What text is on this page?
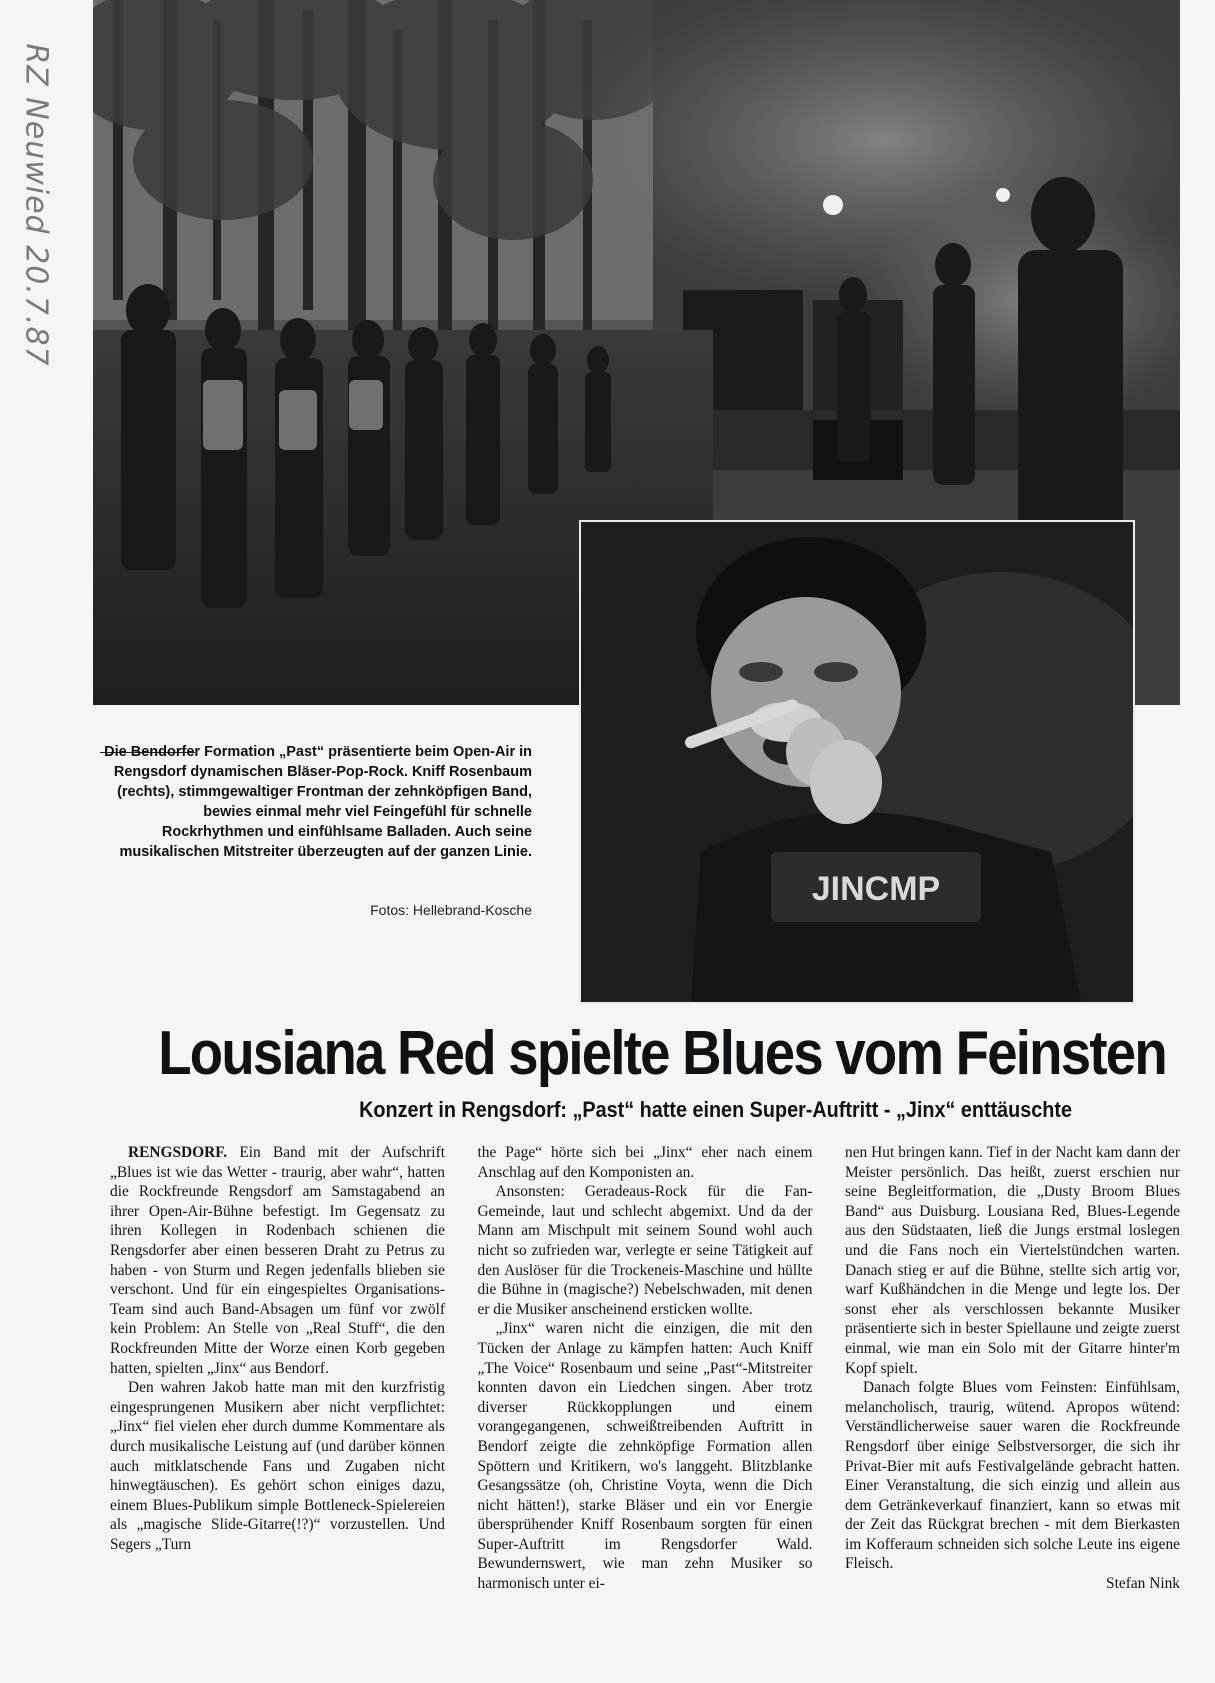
RZ Neuwied 20.7.87
JINCMP
Die Bendorfer Formation „Past“ präsentierte beim Open-Air in Rengsdorf dynamischen Bläser-Pop-Rock. Kniff Rosenbaum (rechts), stimmgewaltiger Frontman der zehnköpfigen Band, bewies einmal mehr viel Feingefühl für schnelle Rockrhythmen und einfühlsame Balladen. Auch seine musikalischen Mitstreiter überzeugten auf der ganzen Linie.
Fotos: Hellebrand-Kosche
Lousiana Red spielte Blues vom Feinsten
Konzert in Rengsdorf: „Past“ hatte einen Super-Auftritt - „Jinx“ enttäuschte

RENGSDORF. Ein Band mit der Aufschrift „Blues ist wie das Wetter - traurig, aber wahr“, hatten die Rockfreunde Rengsdorf am Samstagabend an ihrer Open-Air-Bühne befestigt. Im Gegensatz zu ihren Kollegen in Rodenbach schienen die Rengsdorfer aber einen besseren Draht zu Petrus zu haben - von Sturm und Regen jedenfalls blieben sie verschont. Und für ein eingespieltes Organisations-Team sind auch Band-Absagen um fünf vor zwölf kein Problem: An Stelle von „Real Stuff“, die den Rockfreunden Mitte der Worze einen Korb gegeben hatten, spielten „Jinx“ aus Bendorf.

Den wahren Jakob hatte man mit den kurzfristig eingesprungenen Musikern aber nicht verpflichtet: „Jinx“ fiel vielen eher durch dumme Kommentare als durch musikalische Leistung auf (und darüber können auch mitklatschende Fans und Zugaben nicht hinwegtäuschen). Es gehört schon einiges dazu, einem Blues-Publikum simple Bottleneck-Spielereien als „magische Slide-Gitarre(!?)“ vorzustellen. Und Segers „Turn

the Page“ hörte sich bei „Jinx“ eher nach einem Anschlag auf den Komponisten an.

Ansonsten: Geradeaus-Rock für die Fan-Gemeinde, laut und schlecht abgemixt. Und da der Mann am Mischpult mit seinem Sound wohl auch nicht so zufrieden war, verlegte er seine Tätigkeit auf den Auslöser für die Trockeneis-Maschine und hüllte die Bühne in (magische?) Nebelschwaden, mit denen er die Musiker anscheinend ersticken wollte.

„Jinx“ waren nicht die einzigen, die mit den Tücken der Anlage zu kämpfen hatten: Auch Kniff „The Voice“ Rosenbaum und seine „Past“-Mitstreiter konnten davon ein Liedchen singen. Aber trotz diverser Rückkopplungen und einem vorangegangenen, schweißtreibenden Auftritt in Bendorf zeigte die zehnköpfige Formation allen Spöttern und Kritikern, wo's langgeht. Blitzblanke Gesangssätze (oh, Christine Voyta, wenn die Dich nicht hätten!), starke Bläser und ein vor Energie übersprühender Kniff Rosenbaum sorgten für einen Super-Auftritt im Rengsdorfer Wald. Bewundernswert, wie man zehn Musiker so harmonisch unter ei-

nen Hut bringen kann. Tief in der Nacht kam dann der Meister persönlich. Das heißt, zuerst erschien nur seine Begleitformation, die „Dusty Broom Blues Band“ aus Duisburg. Lousiana Red, Blues-Legende aus den Südstaaten, ließ die Jungs erstmal loslegen und die Fans noch ein Viertelstündchen warten. Danach stieg er auf die Bühne, stellte sich artig vor, warf Kußhändchen in die Menge und legte los. Der sonst eher als verschlossen bekannte Musiker präsentierte sich in bester Spiellaune und zeigte zuerst einmal, wie man ein Solo mit der Gitarre hinter'm Kopf spielt.

Danach folgte Blues vom Feinsten: Einfühlsam, melancholisch, traurig, wütend. Apropos wütend: Verständlicherweise sauer waren die Rockfreunde Rengsdorf über einige Selbstversorger, die sich ihr Privat-Bier mit aufs Festivalgelände gebracht hatten. Einer Veranstaltung, die sich einzig und allein aus dem Getränkeverkauf finanziert, kann so etwas mit der Zeit das Rückgrat brechen - mit dem Bierkasten im Kofferaum schneiden sich solche Leute ins eigene Fleisch.

Stefan Nink
